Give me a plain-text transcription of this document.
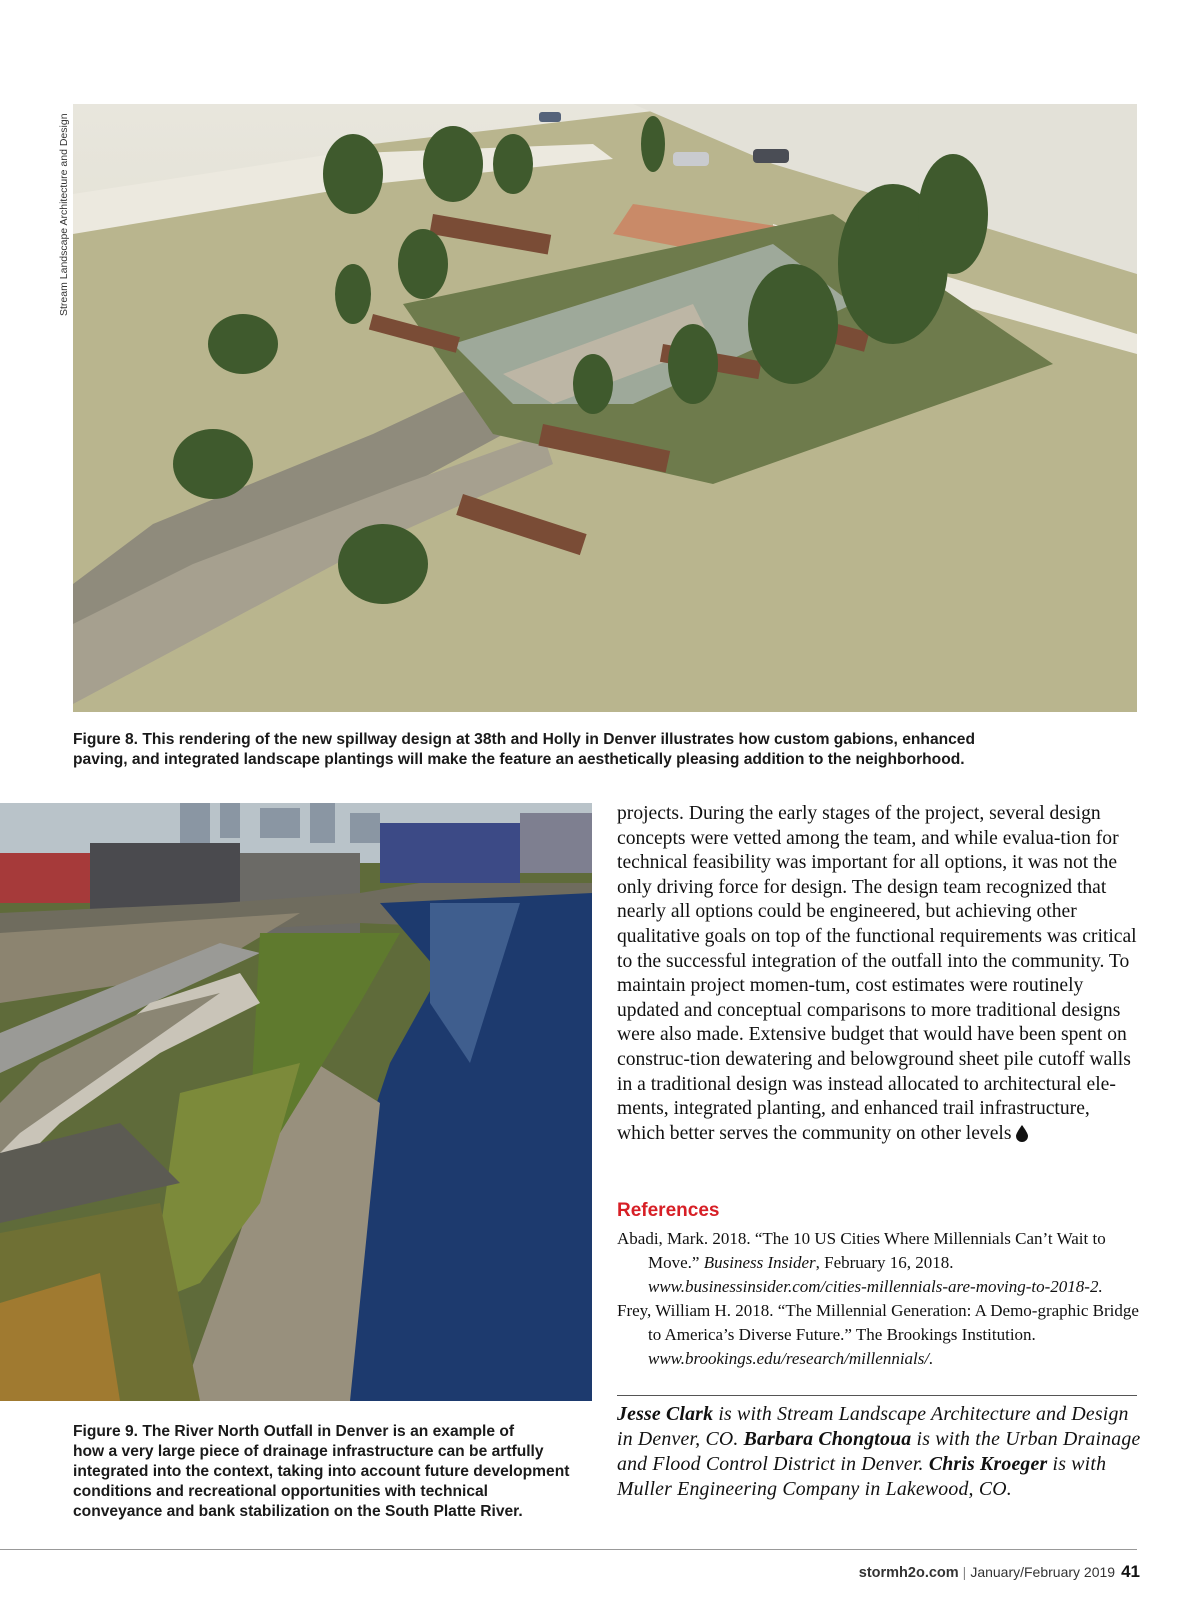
Stream Landscape Architecture and Design
Figure 8. This rendering of the new spillway design at 38th and Holly in Denver illustrates how custom gabions, enhanced
paving, and integrated landscape plantings will make the feature an aesthetically pleasing addition to the neighborhood.
Figure 9. The River North Outfall in Denver is an example of
how a very large piece of drainage infrastructure can be artfully
integrated into the context, taking into account future development
conditions and recreational opportunities with technical
conveyance and bank stabilization on the South Platte River.
projects. During the early stages of the project, several design concepts were vetted among the team, and while evalua-tion for technical feasibility was important for all options, it was not the only driving force for design. The design team recognized that nearly all options could be engineered, but achieving other qualitative goals on top of the functional requirements was critical to the successful integration of the outfall into the community. To maintain project momen-tum, cost estimates were routinely updated and conceptual comparisons to more traditional designs were also made. Extensive budget that would have been spent on construc-tion dewatering and belowground sheet pile cutoff walls in a traditional design was instead allocated to architectural ele-ments, integrated planting, and enhanced trail infrastructure, which better serves the community on other levels
References

Abadi, Mark. 2018. “The 10 US Cities Where Millennials Can’t Wait to Move.” Business Insider, February 16, 2018. www.businessinsider.com/cities-millennials-are-moving-to-2018-2.

Frey, William H. 2018. “The Millennial Generation: A Demo-graphic Bridge to America’s Diverse Future.” The Brookings Institution. www.brookings.edu/research/millennials/.

Jesse Clark is with Stream Landscape Architecture and Design in Denver, CO. Barbara Chongtoua is with the Urban Drainage and Flood Control District in Denver. Chris Kroeger is with Muller Engineering Company in Lakewood, CO.
stormh2o.com | January/February 2019 41
